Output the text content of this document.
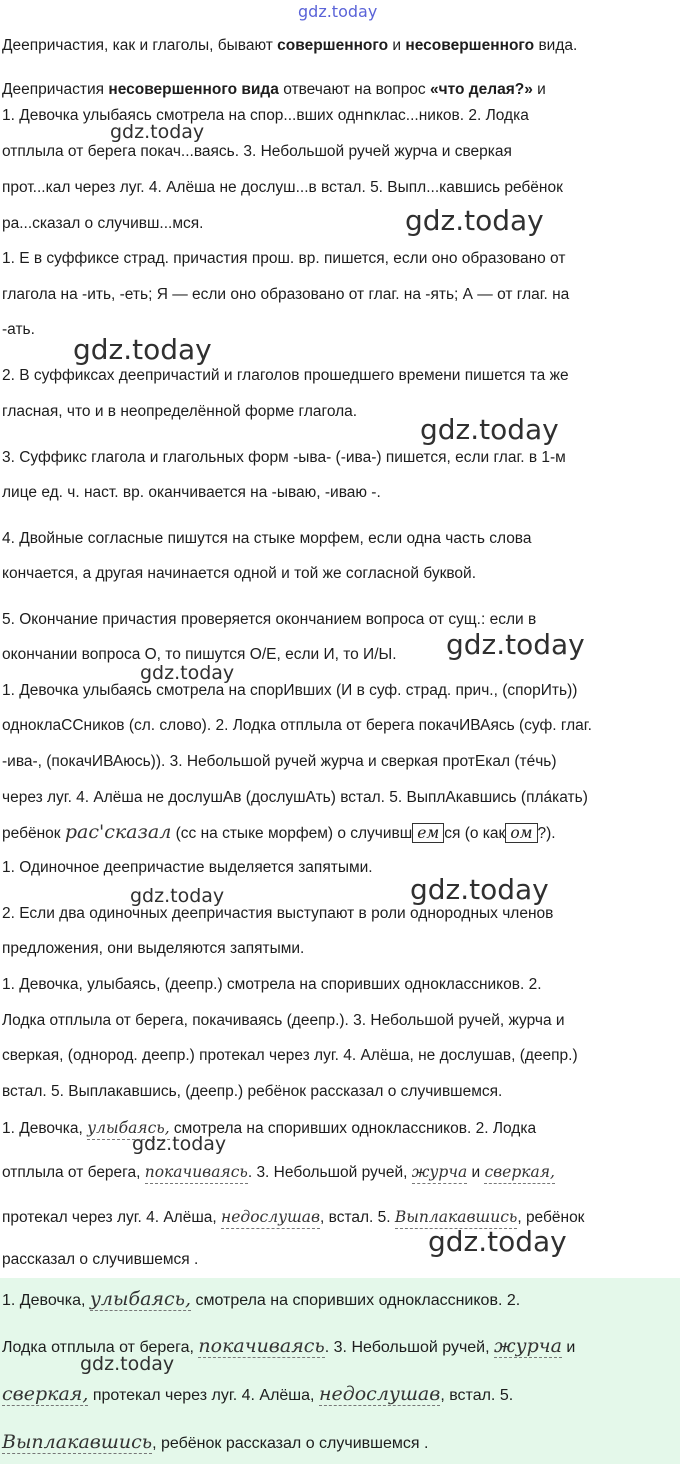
gdz.today
Деепричастия, как и глаголы, бывают совершенного и несовершенного вида.
Деепричастия несовершенного вида отвечают на вопрос «что делая?» и
1. Девочка улыбаясь смотрела на спор...вших однոклас...ников. 2. Лодка
отплыла от берега покач...ваясь. 3. Небольшой ручей журча и сверкая
прот...кал через луг. 4. Алёша не дослуш...в встал. 5. Выпл...кавшись ребёнок
ра...сказал о случивш...мся.
1. Е в суффиксе страд. причастия прош. вр. пишется, если оно образовано от
глагола на -ить, -еть; Я — если оно образовано от глаг. на -ять; А — от глаг. на
-ать.
2. В суффиксах деепричастий и глаголов прошедшего времени пишется та же
гласная, что и в неопределённой форме глагола.
3. Суффикс глагола и глагольных форм -ыва- (-ива-) пишется, если глаг. в 1-м
лице ед. ч. наст. вр. оканчивается на -ываю, -иваю -.
4. Двойные согласные пишутся на стыке морфем, если одна часть слова
кончается, а другая начинается одной и той же согласной буквой.
5. Окончание причастия проверяется окончанием вопроса от сущ.: если в
окончании вопроса О, то пишутся О/Е, если И, то И/Ы.
1. Девочка улыбаясь смотрела на спорИвших (И в суф. страд. прич., (спорИть))
одноклаССников (сл. слово). 2. Лодка отплыла от берега покачИВАясь (суф. глаг.
-ива-, (покачИВАюсь)). 3. Небольшой ручей журча и сверкая протЕкал (тéчь)
через луг. 4. Алёша не дослушАв (дослушАть) встал. 5. ВыплАкавшись (плáкать)
ребёнок рас'сказал (сс на стыке морфем) о случивш ем ся (о как ом ?).
1. Одиночное деепричастие выделяется запятыми.
2. Если два одиночных деепричастия выступают в роли однородных членов
предложения, они выделяются запятыми.
1. Девочка, улыбаясь, (деепр.) смотрела на споривших одноклассников. 2.
Лодка отплыла от берега, покачиваясь (деепр.). 3. Небольшой ручей, журча и
сверкая, (однород. деепр.) протекал через луг. 4. Алёша, не дослушав, (деепр.)
встал. 5. Выплакавшись, (деепр.) ребёнок рассказал о случившемся.
1. Девочка, улыбаясь, смотрела на споривших одноклассников. 2. Лодка
отплыла от берега, покачиваясь. 3. Небольшой ручей, журча и сверкая,
протекал через луг. 4. Алёша, недослушав, встал. 5. Выплакавшись, ребёнок
рассказал о случившемся .
1. Девочка, улыбаясь, смотрела на споривших одноклассников. 2.
Лодка отплыла от берега, покачиваясь. 3. Небольшой ручей, журча и
сверкая, протекал через луг. 4. Алёша, недослушав, встал. 5.
Выплакавшись, ребёнок рассказал о случившемся .
gdz.today
gdz.today
gdz.today
gdz.today
gdz.today
gdz.today
gdz.today	gdz.today
gdz.today
gdz.today
gdz.today
